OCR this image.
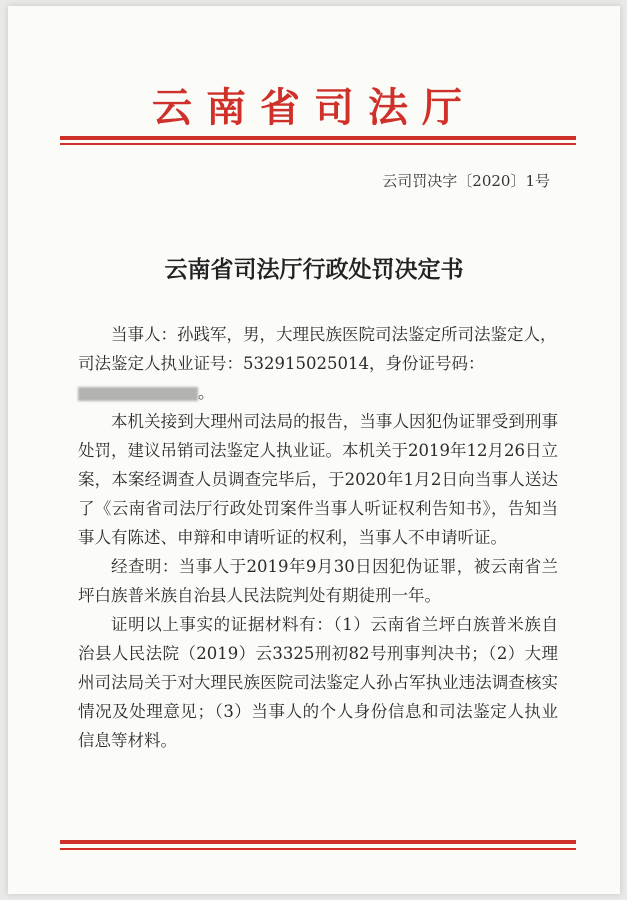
云南省司法厅
云司罚决字〔2020〕1号
云南省司法厅行政处罚决定书

当事人：孙践军，男，大理民族医院司法鉴定所司法鉴定人，

司法鉴定人执业证号：532915025014，身份证号码：
。

本机关接到大理州司法局的报告，当事人因犯伪证罪受到刑事处罚，建议吊销司法鉴定人执业证。本机关于2019年12月26日立案，本案经调查人员调查完毕后，于2020年1月2日向当事人送达了《云南省司法厅行政处罚案件当事人听证权利告知书》，告知当事人有陈述、申辩和申请听证的权利，当事人不申请听证。

经查明：当事人于2019年9月30日因犯伪证罪，被云南省兰坪白族普米族自治县人民法院判处有期徒刑一年。

证明以上事实的证据材料有：（1）云南省兰坪白族普米族自治县人民法院（2019）云3325刑初82号刑事判决书；（2）大理州司法局关于对大理民族医院司法鉴定人孙占军执业违法调查核实情况及处理意见；（3）当事人的个人身份信息和司法鉴定人执业信息等材料。
